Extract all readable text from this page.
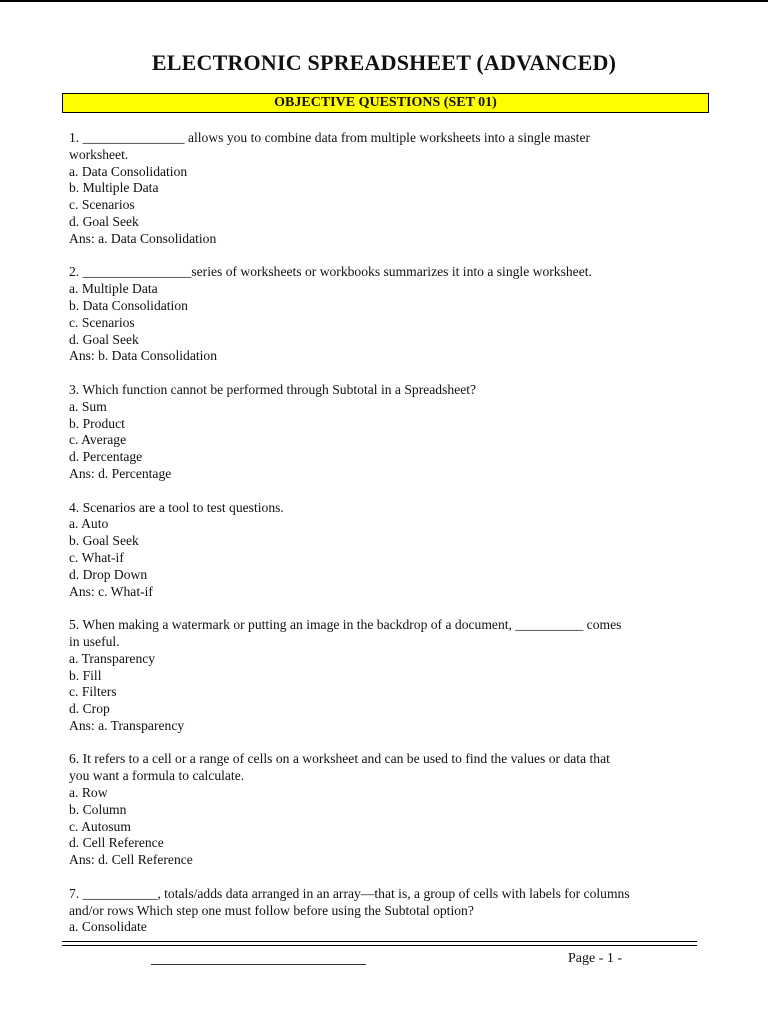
ELECTRONIC SPREADSHEET (ADVANCED)
OBJECTIVE QUESTIONS (SET 01)
1. _______________ allows you to combine data from multiple worksheets into a single master
worksheet.
a. Data Consolidation
b. Multiple Data
c. Scenarios
d. Goal Seek
Ans: a. Data Consolidation
2. ________________series of worksheets or workbooks summarizes it into a single worksheet.
a. Multiple Data
b. Data Consolidation
c. Scenarios
d. Goal Seek
Ans: b. Data Consolidation
3. Which function cannot be performed through Subtotal in a Spreadsheet?
a. Sum
b. Product
c. Average
d. Percentage
Ans: d. Percentage
4. Scenarios are a tool to test questions.
a. Auto
b. Goal Seek
c. What-if
d. Drop Down
Ans: c. What-if
5. When making a watermark or putting an image in the backdrop of a document, __________ comes
in useful.
a. Transparency
b. Fill
c. Filters
d. Crop
Ans: a. Transparency
6. It refers to a cell or a range of cells on a worksheet and can be used to find the values or data that
you want a formula to calculate.
a. Row
b. Column
c. Autosum
d. Cell Reference
Ans: d. Cell Reference
7. ___________, totals/adds data arranged in an array—that is, a group of cells with labels for columns
and/or rows Which step one must follow before using the Subtotal option?
a. Consolidate
Page - 1 -
